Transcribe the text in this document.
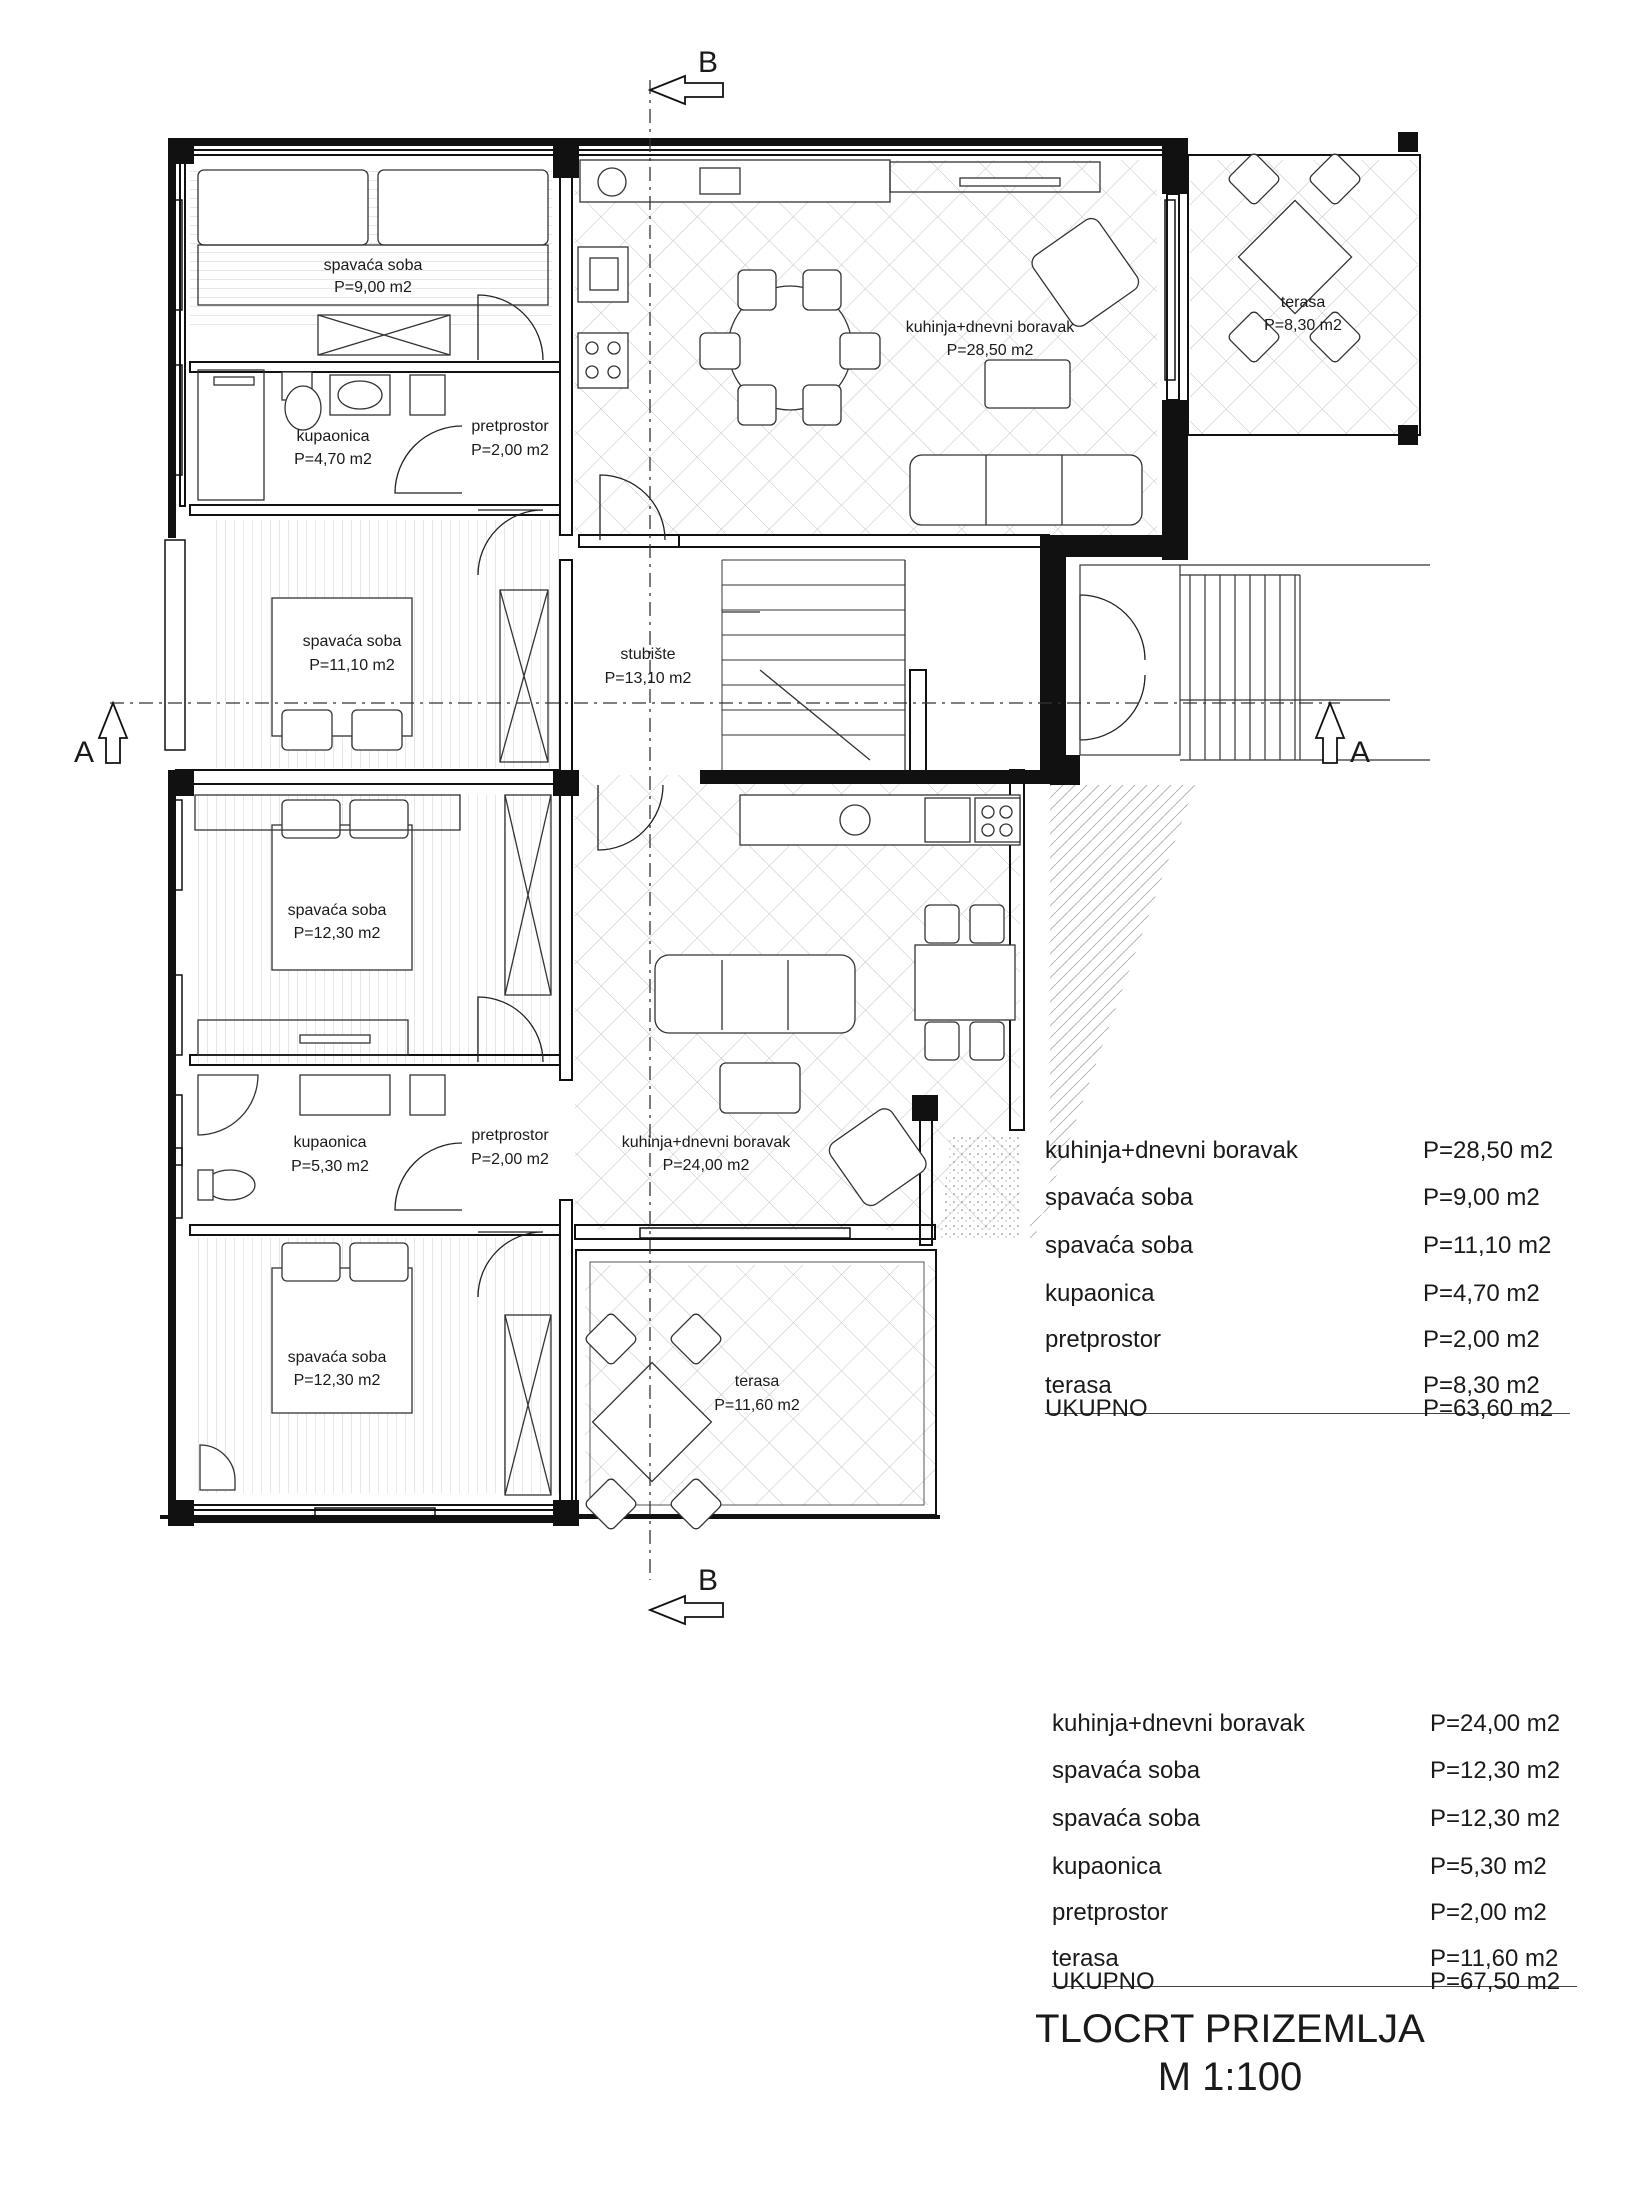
B
B
A	A
spavaća soba
P=9,00 m2
kupaonica
P=4,70 m2
pretprostor
P=2,00 m2
kuhinja+dnevni boravak
P=28,50 m2
terasa
P=8,30 m2
spavaća soba
P=11,10 m2
stubište
P=13,10 m2
spavaća soba
P=12,30 m2
kupaonica
P=5,30 m2
pretprostor
P=2,00 m2
kuhinja+dnevni boravak
P=24,00 m2
spavaća soba
P=12,30 m2	terasa
P=11,60 m2
kuhinja+dnevni boravak	P=28,50 m2
spavaća soba	P=9,00 m2
spavaća soba	P=11,10 m2
kupaonica	P=4,70 m2
pretprostor	P=2,00 m2
terasa	P=8,30 m2
UKUPNO	P=63,60 m2
kuhinja+dnevni boravak	P=24,00 m2
spavaća soba	P=12,30 m2
spavaća soba	P=12,30 m2
kupaonica	P=5,30 m2
pretprostor	P=2,00 m2
terasa	P=11,60 m2
UKUPNO	P=67,50 m2
TLOCRT PRIZEMLJA
M 1:100
